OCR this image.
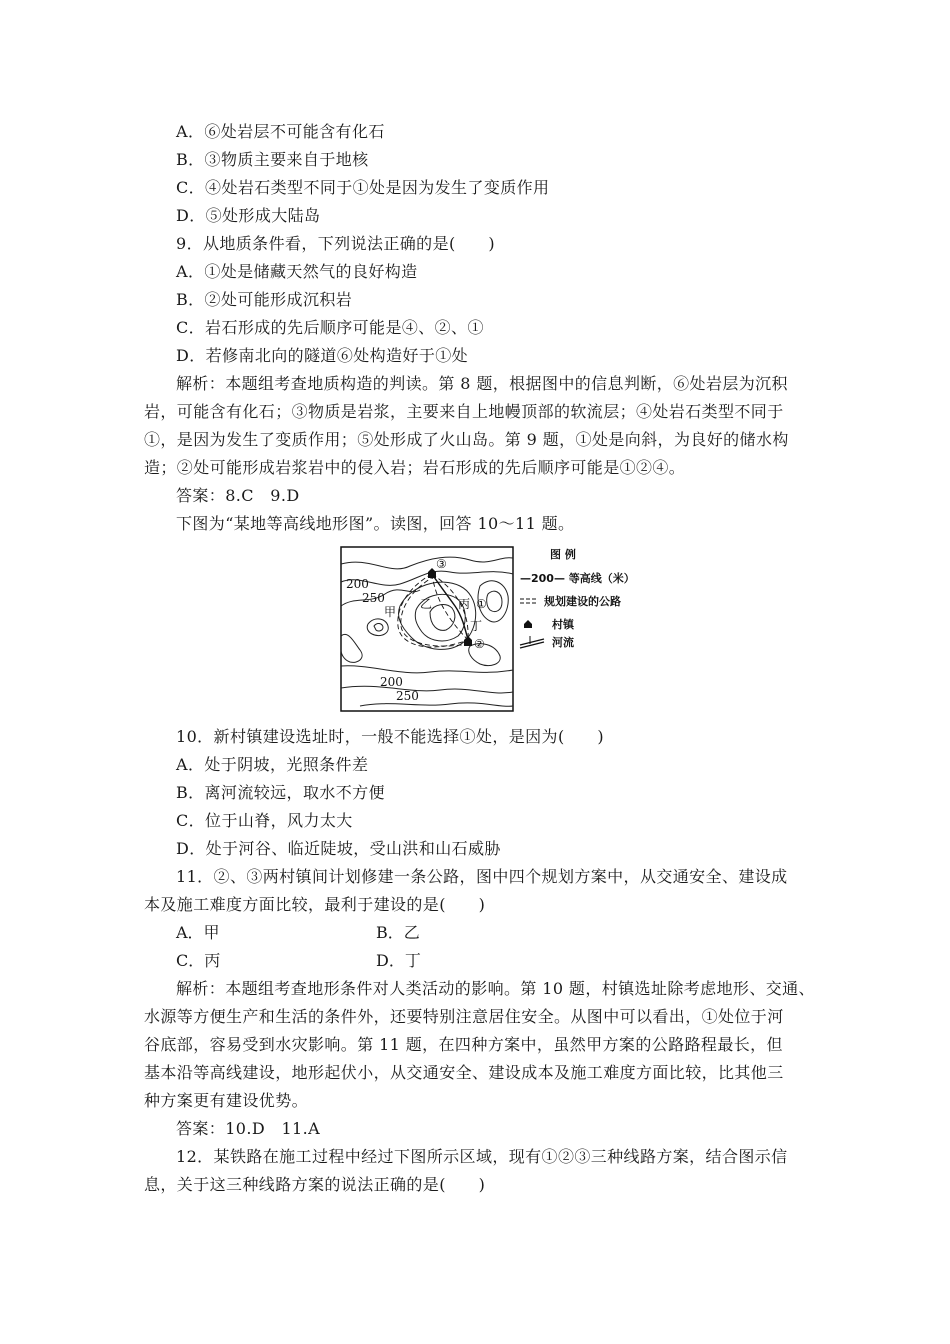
A．⑥处岩层不可能含有化石
B．③物质主要来自于地核
C．④处岩石类型不同于①处是因为发生了变质作用
D．⑤处形成大陆岛
9．从地质条件看，下列说法正确的是(　　)
A．①处是储藏天然气的良好构造
B．②处可能形成沉积岩
C．岩石形成的先后顺序可能是④、②、①
D．若修南北向的隧道⑥处构造好于①处
解析：本题组考查地质构造的判读。第 8 题，根据图中的信息判断，⑥处岩层为沉积
岩，可能含有化石；③物质是岩浆，主要来自上地幔顶部的软流层；④处岩石类型不同于
①，是因为发生了变质作用；⑤处形成了火山岛。第 9 题，①处是向斜，为良好的储水构
造；②处可能形成岩浆岩中的侵入岩；岩石形成的先后顺序可能是①②④。
答案：8.C　9.D
下图为“某地等高线地形图”。读图，回答 10～11 题。
200
250
200
250
甲
乙 丙
丁
③
①
②
图 例
—200— 等高线（米）
规划建设的公路
村镇
河流
10．新村镇建设选址时，一般不能选择①处，是因为(　　)
A．处于阴坡，光照条件差
B．离河流较远，取水不方便
C．位于山脊，风力太大
D．处于河谷、临近陡坡，受山洪和山石威胁
11．②、③两村镇间计划修建一条公路，图中四个规划方案中，从交通安全、建设成
本及施工难度方面比较，最利于建设的是(　　)
A．甲	B．乙
C．丙	D．丁
解析：本题组考查地形条件对人类活动的影响。第 10 题，村镇选址除考虑地形、交通、
水源等方便生产和生活的条件外，还要特别注意居住安全。从图中可以看出，①处位于河
谷底部，容易受到水灾影响。第 11 题，在四种方案中，虽然甲方案的公路路程最长，但
基本沿等高线建设，地形起伏小，从交通安全、建设成本及施工难度方面比较，比其他三
种方案更有建设优势。
答案：10.D　11.A
12．某铁路在施工过程中经过下图所示区域，现有①②③三种线路方案，结合图示信
息，关于这三种线路方案的说法正确的是(　　)
